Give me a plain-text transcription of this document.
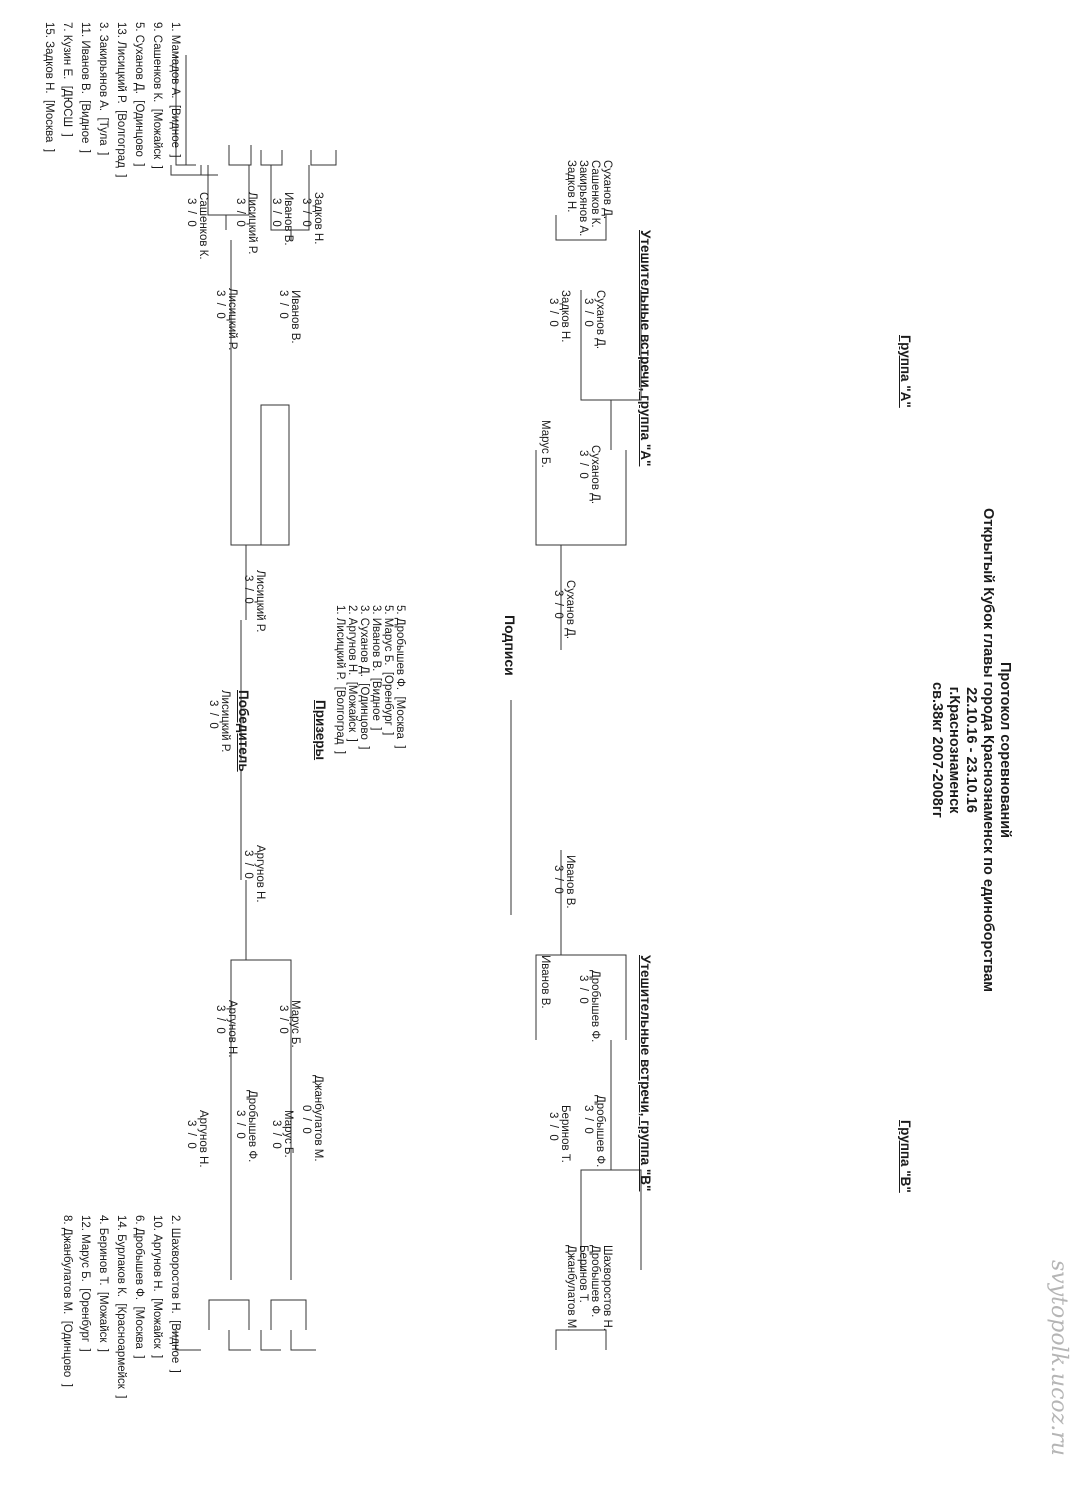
Протокол соревнований
Открытый Кубок главы города Краснознаменск по единоборствам
22.10.16 - 23.10.16
г.Краснознаменск
св.38кг 2007-2008гг
Группа "А"
Группа "В"
1. Мамадов А.  [Видное  ]
9. Сашенков К.  [Можайск  ]
5. Суханов Д.  [Одинцово  ]
13. Лисицкий Р.  [Волгоград  ]
3. Закирьянов А.  [Тула  ]
11. Иванов В.  [Видное  ]
7. Кузин Е.  [ДЮСШ  ]
15. Задков Н.  [Москва  ]
Сашенков К.
3  /  0	Лисицкий Р.
3  /  0	Иванов В.
3  /  0	Задков Н.
3  /  0
Лисицкий Р.
3  /  0	Иванов В.
3  /  0
Лисицкий Р.
3  /  0
Победитель
Лисицкий Р.
3  /  0	Призеры 1. Лисицкий Р.  [Волгоград  ] 2. Аргунов Н.  [Можайск  ] 3. Суханов Д.  [Одинцово  ] 3. Иванов В.  [Видное  ] 5. Марус Б.  [Оренбург  ] 5. Дробышев Ф.  [Москва  ]
Аргунов Н.
3  /  0
Аргунов Н.
3  /  0	Марус Б.
3  /  0
Аргунов Н.
3  /  0	Дробышев Ф.
3  /  0	Марус Б.
3  /  0	Джанбулатов М.
0  /  0
2. Шахворостов Н.  [Видное  ]
10. Аргунов Н.  [Можайск  ]
6. Дробышев Ф.  [Москва  ]
14. Бурлаков К.  [Красноармейск  ]
4. Беринов Т.  [Можайск  ]
12. Марус Б.  [Оренбург  ]
8. Джанбулатов М.  [Одинцово  ]
Утешительные встречи, группа "А"
Суханов Д.
Сашенков К.
Закирьянов А.
Задков Н.
Суханов Д.
3  /  0
Задков Н.
3  /  0
Суханов Д.
3  /  0
Марус Б.
Суханов Д.
3  /  0
Утешительные встречи, группа "В"
Шахворостов Н.
Дробышев Ф.
Беринов Т.
Джанбулатов М.
Дробышев Ф.
3  /  0
Беринов Т.
3  /  0
Дробышев Ф.
3  /  0
Иванов В.
Иванов В.
3  /  0
Подписи
svytopolk.ucoz.ru
